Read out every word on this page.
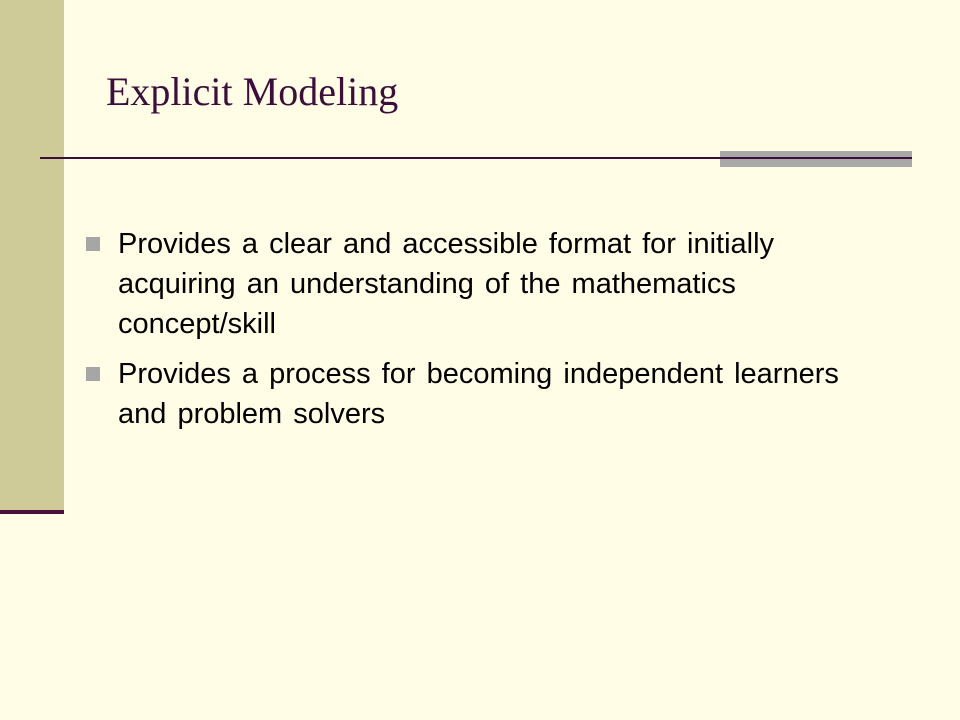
Explicit Modeling
Provides a clear and accessible format for initially acquiring an understanding of the mathematics concept/skill
Provides a process for becoming independent learners and problem solvers
